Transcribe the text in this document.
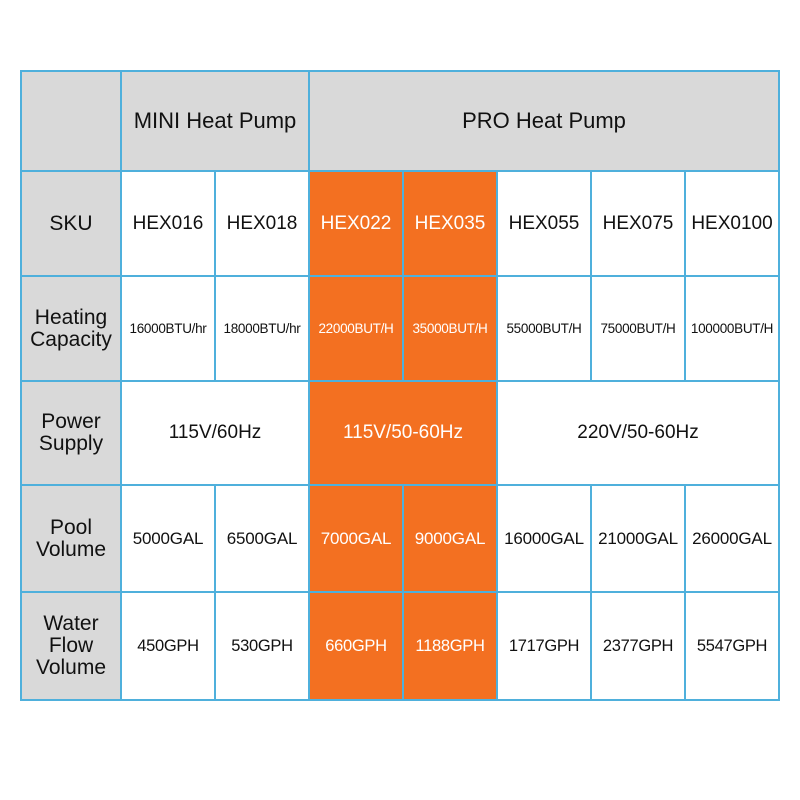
	MINI Heat Pump		PRO Heat Pump				

SKU	HEX016	HEX018	HEX022	HEX035	HEX055	HEX075	HEX0100

Heating
Capacity	16000BTU/hr	18000BTU/hr	22000BUT/H	35000BUT/H	55000BUT/H	75000BUT/H	100000BUT/H

Power
Supply	115V/60Hz		115V/50-60Hz		220V/50-60Hz		

Pool
Volume	5000GAL	6500GAL	7000GAL	9000GAL	16000GAL	21000GAL	26000GAL

Water
Flow
Volume	450GPH	530GPH	660GPH	1188GPH	1717GPH	2377GPH	5547GPH
